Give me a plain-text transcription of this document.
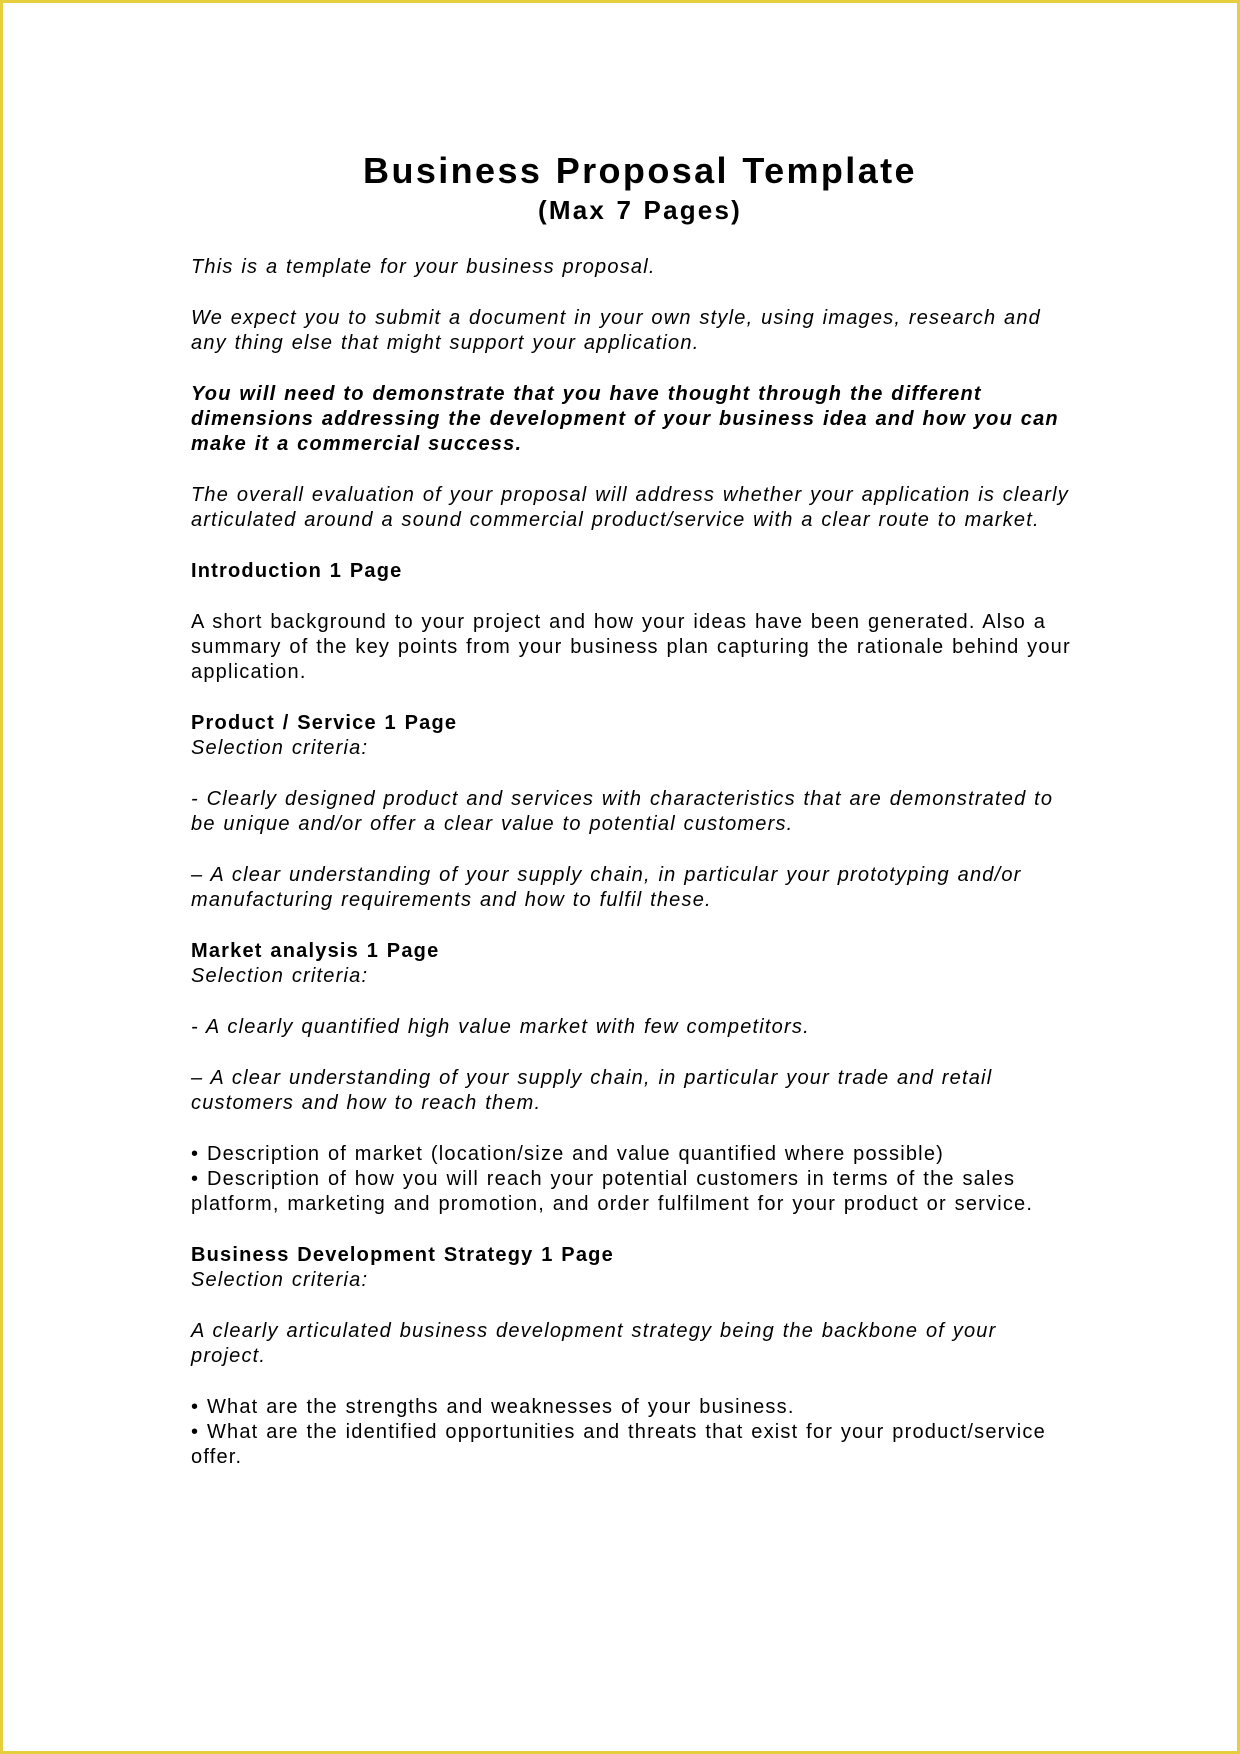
Business Proposal Template
(Max 7 Pages)

This is a template for your business proposal.

We expect you to submit a document in your own style, using images, research and any thing else that might support your application.

You will need to demonstrate that you have thought through the different dimensions addressing the development of your business idea and how you can make it a commercial success.

The overall evaluation of your proposal will address whether your application is clearly articulated around a sound commercial product/service with a clear route to market.

Introduction 1 Page

A short background to your project and how your ideas have been generated. Also a summary of the key points from your business plan capturing the rationale behind your application.

Product / Service 1 Page

Selection criteria:

- Clearly designed product and services with characteristics that are demonstrated to be unique and/or offer a clear value to potential customers.

– A clear understanding of your supply chain, in particular your prototyping and/or manufacturing requirements and how to fulfil these.

Market analysis 1 Page

Selection criteria:

- A clearly quantified high value market with few competitors.

– A clear understanding of your supply chain, in particular your trade and retail customers and how to reach them.

• Description of market (location/size and value quantified where possible)
• Description of how you will reach your potential customers in terms of the sales platform, marketing and promotion, and order fulfilment for your product or service.

Business Development Strategy 1 Page

Selection criteria:

A clearly articulated business development strategy being the backbone of your project.

• What are the strengths and weaknesses of your business.
• What are the identified opportunities and threats that exist for your product/service offer.
